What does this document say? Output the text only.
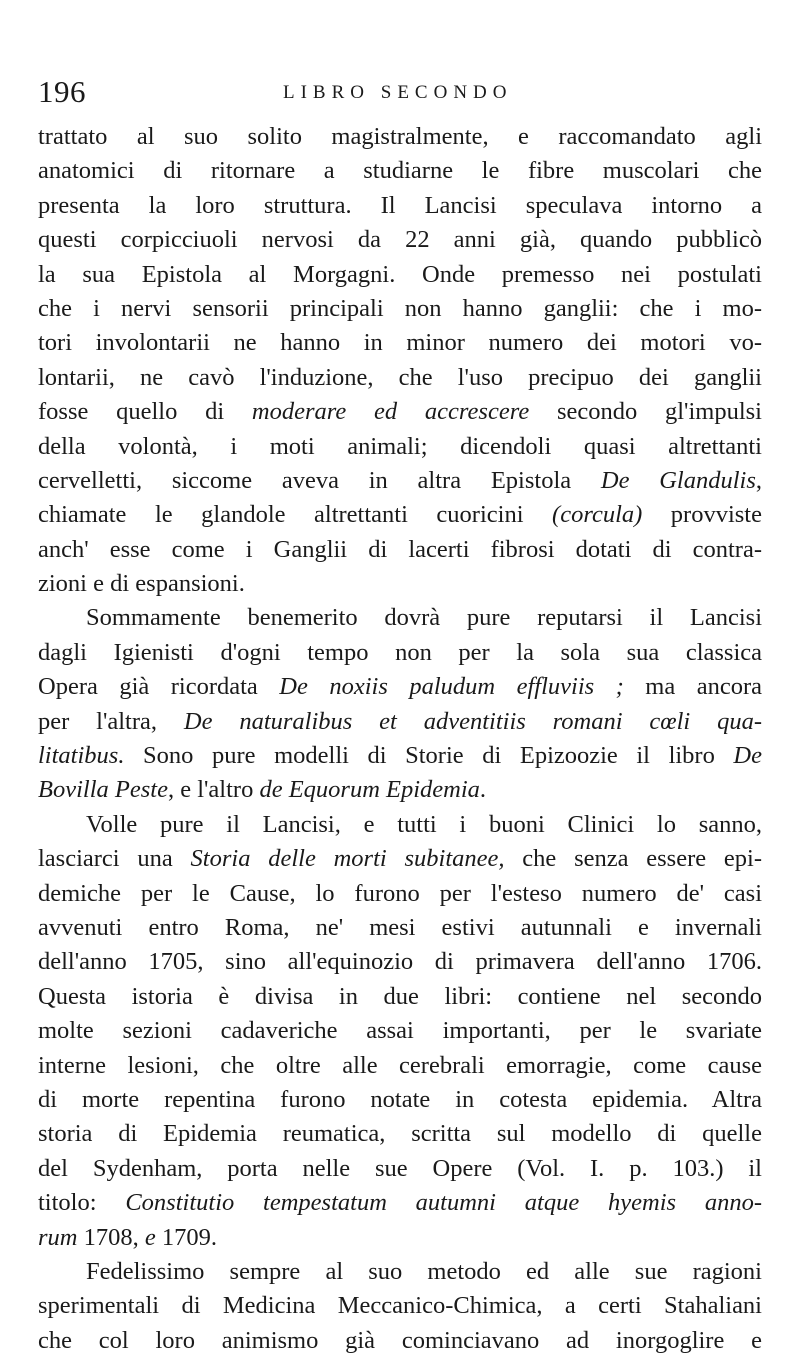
196	LIBRO SECONDO
trattato al suo solito magistralmente, e raccomandato agli
anatomici di ritornare a studiarne le fibre muscolari che
presenta la loro struttura. Il Lancisi speculava intorno a
questi corpicciuoli nervosi da 22 anni già, quando pubblicò
la sua Epistola al Morgagni. Onde premesso nei postulati
che i nervi sensorii principali non hanno ganglii: che i mo-
tori involontarii ne hanno in minor numero dei motori vo-
lontarii, ne cavò l'induzione, che l'uso precipuo dei ganglii
fosse quello di moderare ed accrescere secondo gl'impulsi
della volontà, i moti animali; dicendoli quasi altrettanti
cervelletti, siccome aveva in altra Epistola De Glandulis,
chiamate le glandole altrettanti cuoricini (corcula) provviste
anch' esse come i Ganglii di lacerti fibrosi dotati di contra-
zioni e di espansioni.
Sommamente benemerito dovrà pure reputarsi il Lancisi
dagli Igienisti d'ogni tempo non per la sola sua classica
Opera già ricordata De noxiis paludum effluviis ; ma ancora
per l'altra, De naturalibus et adventitiis romani cœli qua-
litatibus. Sono pure modelli di Storie di Epizoozie il libro De
Bovilla Peste, e l'altro de Equorum Epidemia.
Volle pure il Lancisi, e tutti i buoni Clinici lo sanno,
lasciarci una Storia delle morti subitanee, che senza essere epi-
demiche per le Cause, lo furono per l'esteso numero de' casi
avvenuti entro Roma, ne' mesi estivi autunnali e invernali
dell'anno 1705, sino all'equinozio di primavera dell'anno 1706.
Questa istoria è divisa in due libri: contiene nel secondo
molte sezioni cadaveriche assai importanti, per le svariate
interne lesioni, che oltre alle cerebrali emorragie, come cause
di morte repentina furono notate in cotesta epidemia. Altra
storia di Epidemia reumatica, scritta sul modello di quelle
del Sydenham, porta nelle sue Opere (Vol. I. p. 103.) il
titolo: Constitutio tempestatum autumni atque hyemis anno-
rum 1708, e 1709.
Fedelissimo sempre al suo metodo ed alle sue ragioni
sperimentali di Medicina Meccanico-Chimica, a certi Stahaliani
che col loro animismo già cominciavano ad inorgoglire e
